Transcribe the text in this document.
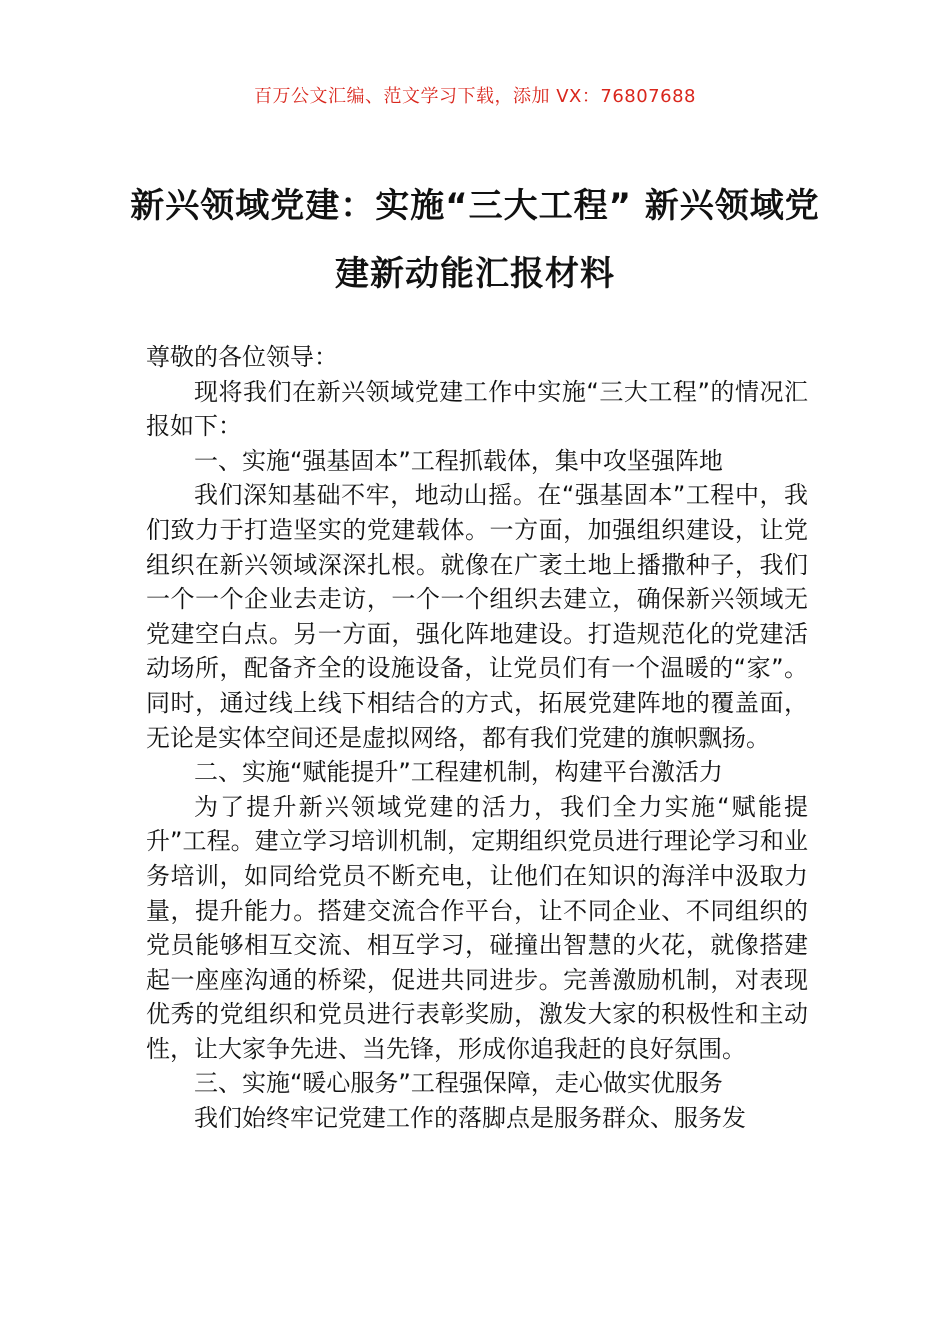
百万公文汇编、范文学习下载，添加 VX：76807688
新兴领域党建：实施“三大工程” 新兴领域党建新动能汇报材料

尊敬的各位领导：

现将我们在新兴领域党建工作中实施“三大工程”的情况汇报如下：

一、实施“强基固本”工程抓载体，集中攻坚强阵地

我们深知基础不牢，地动山摇。在“强基固本”工程中，我们致力于打造坚实的党建载体。一方面，加强组织建设，让党组织在新兴领域深深扎根。就像在广袤土地上播撒种子，我们一个一个企业去走访，一个一个组织去建立，确保新兴领域无党建空白点。另一方面，强化阵地建设。打造规范化的党建活动场所，配备齐全的设施设备，让党员们有一个温暖的“家”。同时，通过线上线下相结合的方式，拓展党建阵地的覆盖面，无论是实体空间还是虚拟网络，都有我们党建的旗帜飘扬。

二、实施“赋能提升”工程建机制，构建平台激活力

为了提升新兴领域党建的活力，我们全力实施“赋能提升”工程。建立学习培训机制，定期组织党员进行理论学习和业务培训，如同给党员不断充电，让他们在知识的海洋中汲取力量，提升能力。搭建交流合作平台，让不同企业、不同组织的党员能够相互交流、相互学习，碰撞出智慧的火花，就像搭建起一座座沟通的桥梁，促进共同进步。完善激励机制，对表现优秀的党组织和党员进行表彰奖励，激发大家的积极性和主动性，让大家争先进、当先锋，形成你追我赶的良好氛围。

三、实施“暖心服务”工程强保障，走心做实优服务

我们始终牢记党建工作的落脚点是服务群众、服务发
